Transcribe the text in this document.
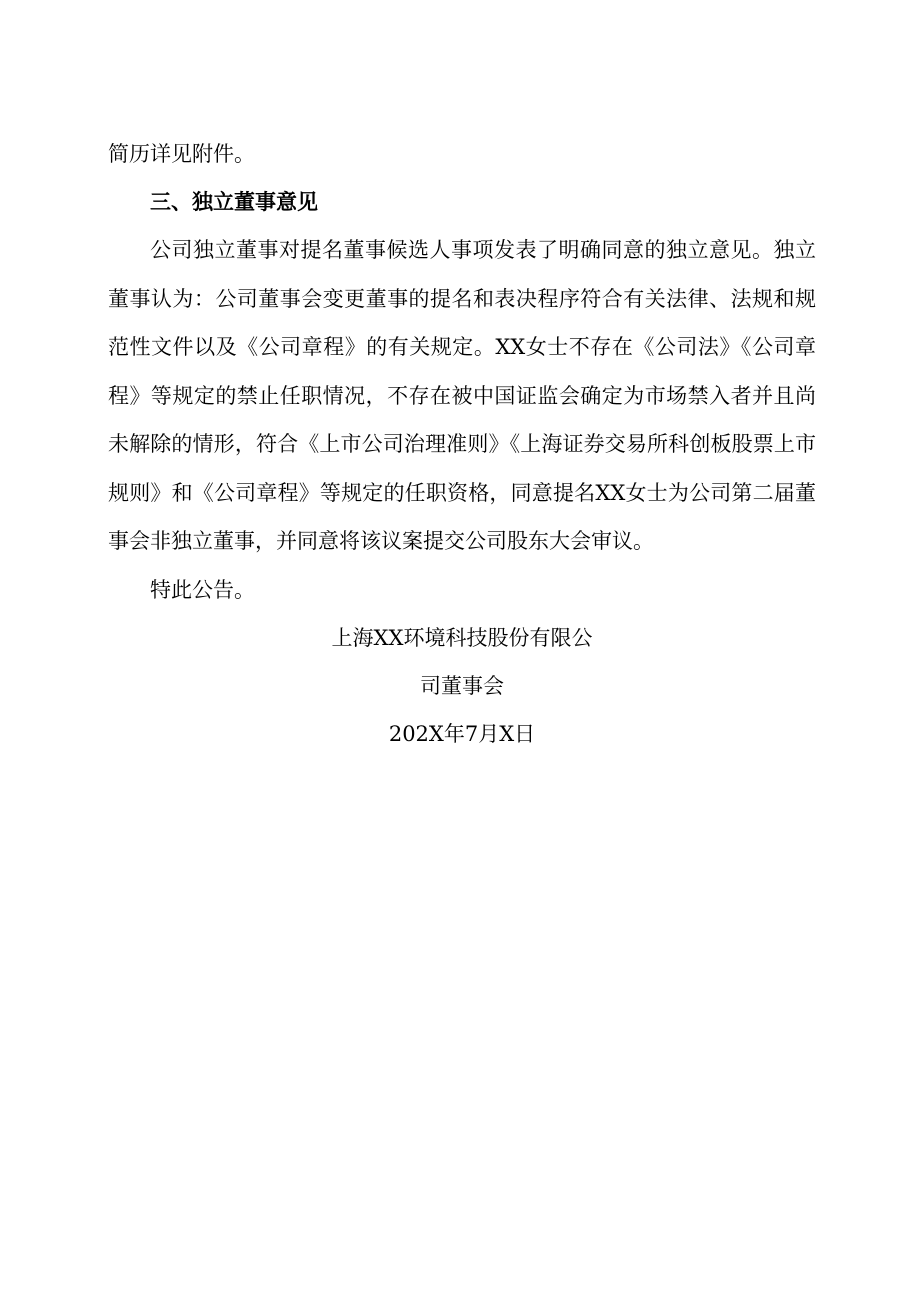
简历详见附件。

三、独立董事意见

公司独立董事对提名董事候选人事项发表了明确同意的独立意见。独立董事认为：公司董事会变更董事的提名和表决程序符合有关法律、法规和规范性文件以及《公司章程》的有关规定。XX女士不存在《公司法》《公司章程》等规定的禁止任职情况，不存在被中国证监会确定为市场禁入者并且尚未解除的情形，符合《上市公司治理准则》《上海证券交易所科创板股票上市规则》和《公司章程》等规定的任职资格，同意提名XX女士为公司第二届董事会非独立董事，并同意将该议案提交公司股东大会审议。

特此公告。

上海XX环境科技股份有限公

司董事会

202X年7月X日
